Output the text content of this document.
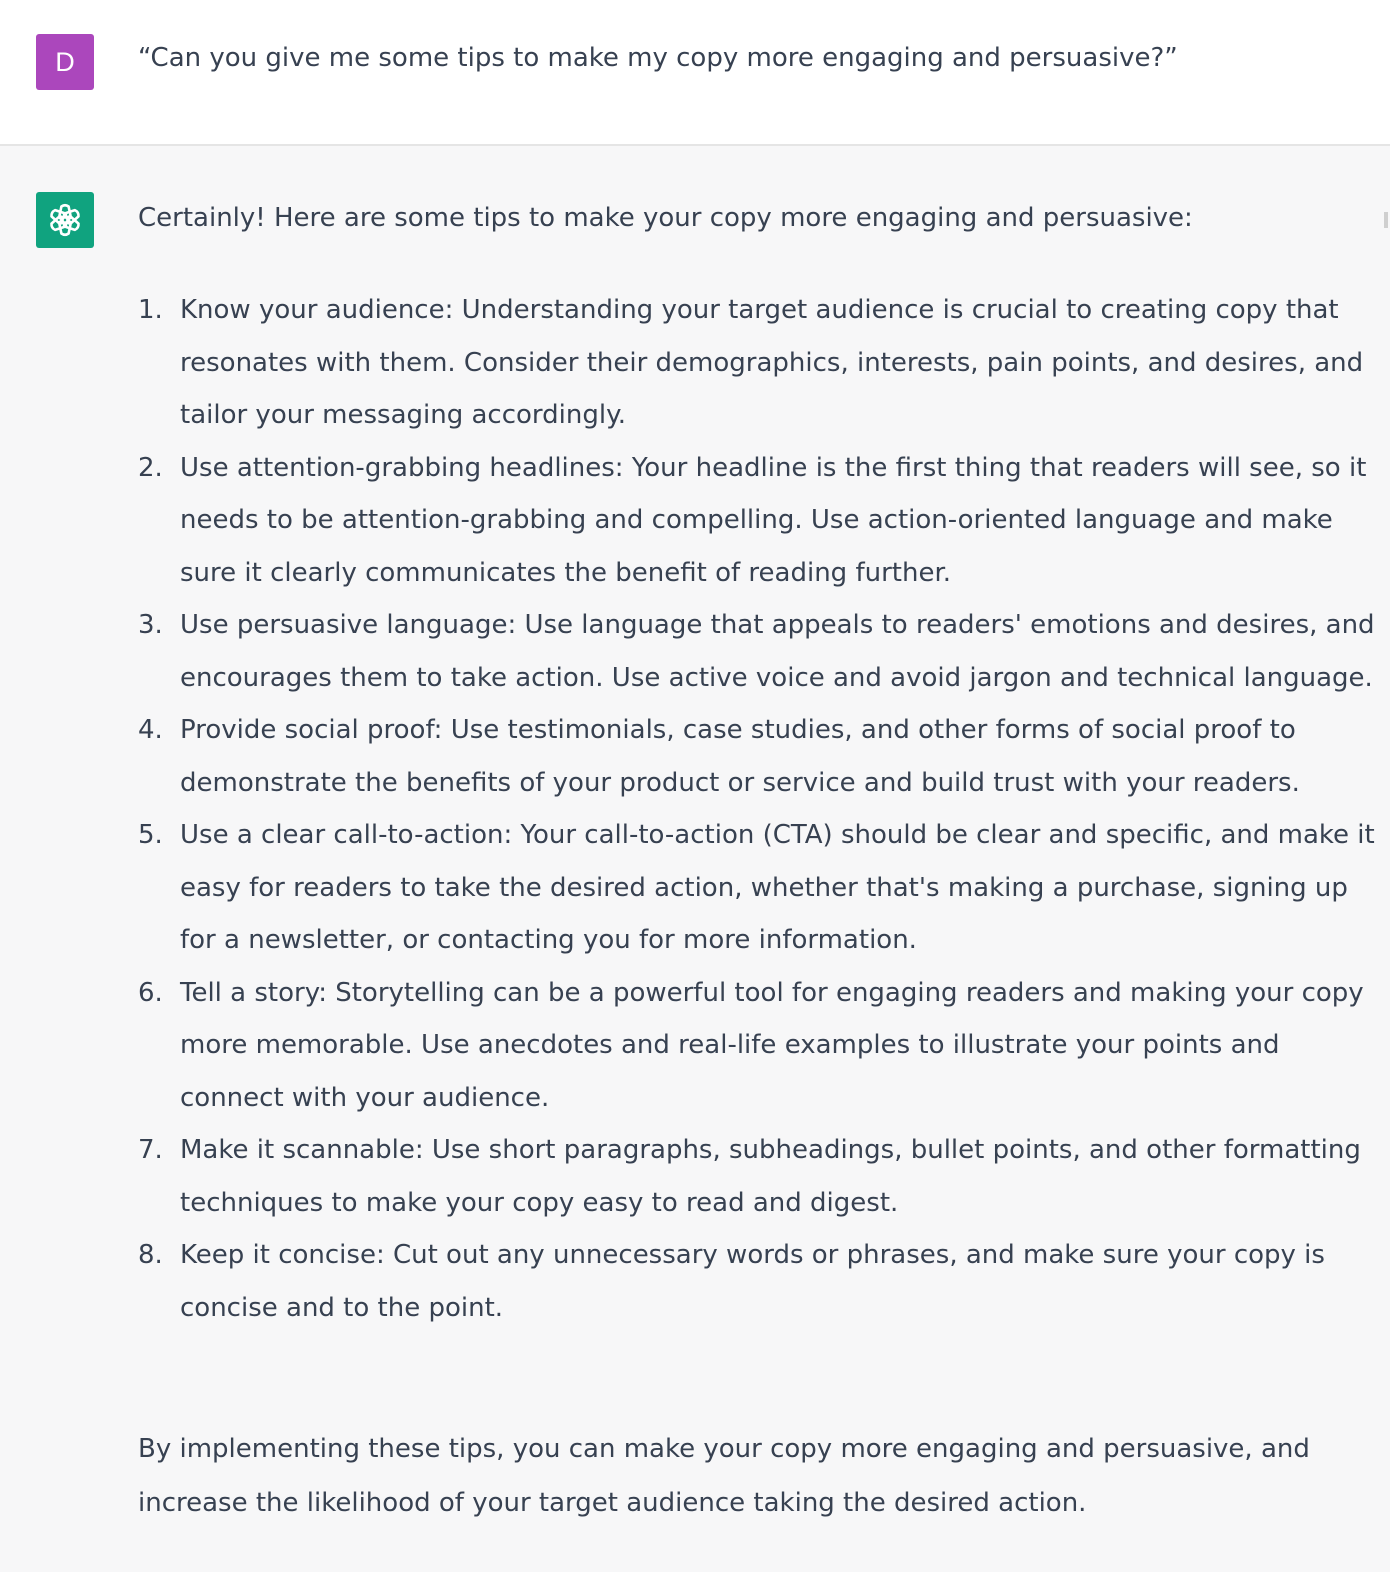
D	“Can you give me some tips to make my copy more engaging and persuasive?”
Certainly! Here are some tips to make your copy more engaging and persuasive:
1. Know your audience: Understanding your target audience is crucial to creating copy that resonates with them. Consider their demographics, interests, pain points, and desires, and tailor your messaging accordingly.
2. Use attention-grabbing headlines: Your headline is the first thing that readers will see, so it needs to be attention-grabbing and compelling. Use action-oriented language and make sure it clearly communicates the benefit of reading further.
3. Use persuasive language: Use language that appeals to readers' emotions and desires, and encourages them to take action. Use active voice and avoid jargon and technical language.
4. Provide social proof: Use testimonials, case studies, and other forms of social proof to demonstrate the benefits of your product or service and build trust with your readers.
5. Use a clear call-to-action: Your call-to-action (CTA) should be clear and specific, and make it easy for readers to take the desired action, whether that's making a purchase, signing up for a newsletter, or contacting you for more information.
6. Tell a story: Storytelling can be a powerful tool for engaging readers and making your copy more memorable. Use anecdotes and real-life examples to illustrate your points and connect with your audience.
7. Make it scannable: Use short paragraphs, subheadings, bullet points, and other formatting techniques to make your copy easy to read and digest.
8. Keep it concise: Cut out any unnecessary words or phrases, and make sure your copy is concise and to the point.

By implementing these tips, you can make your copy more engaging and persuasive, and increase the likelihood of your target audience taking the desired action.
